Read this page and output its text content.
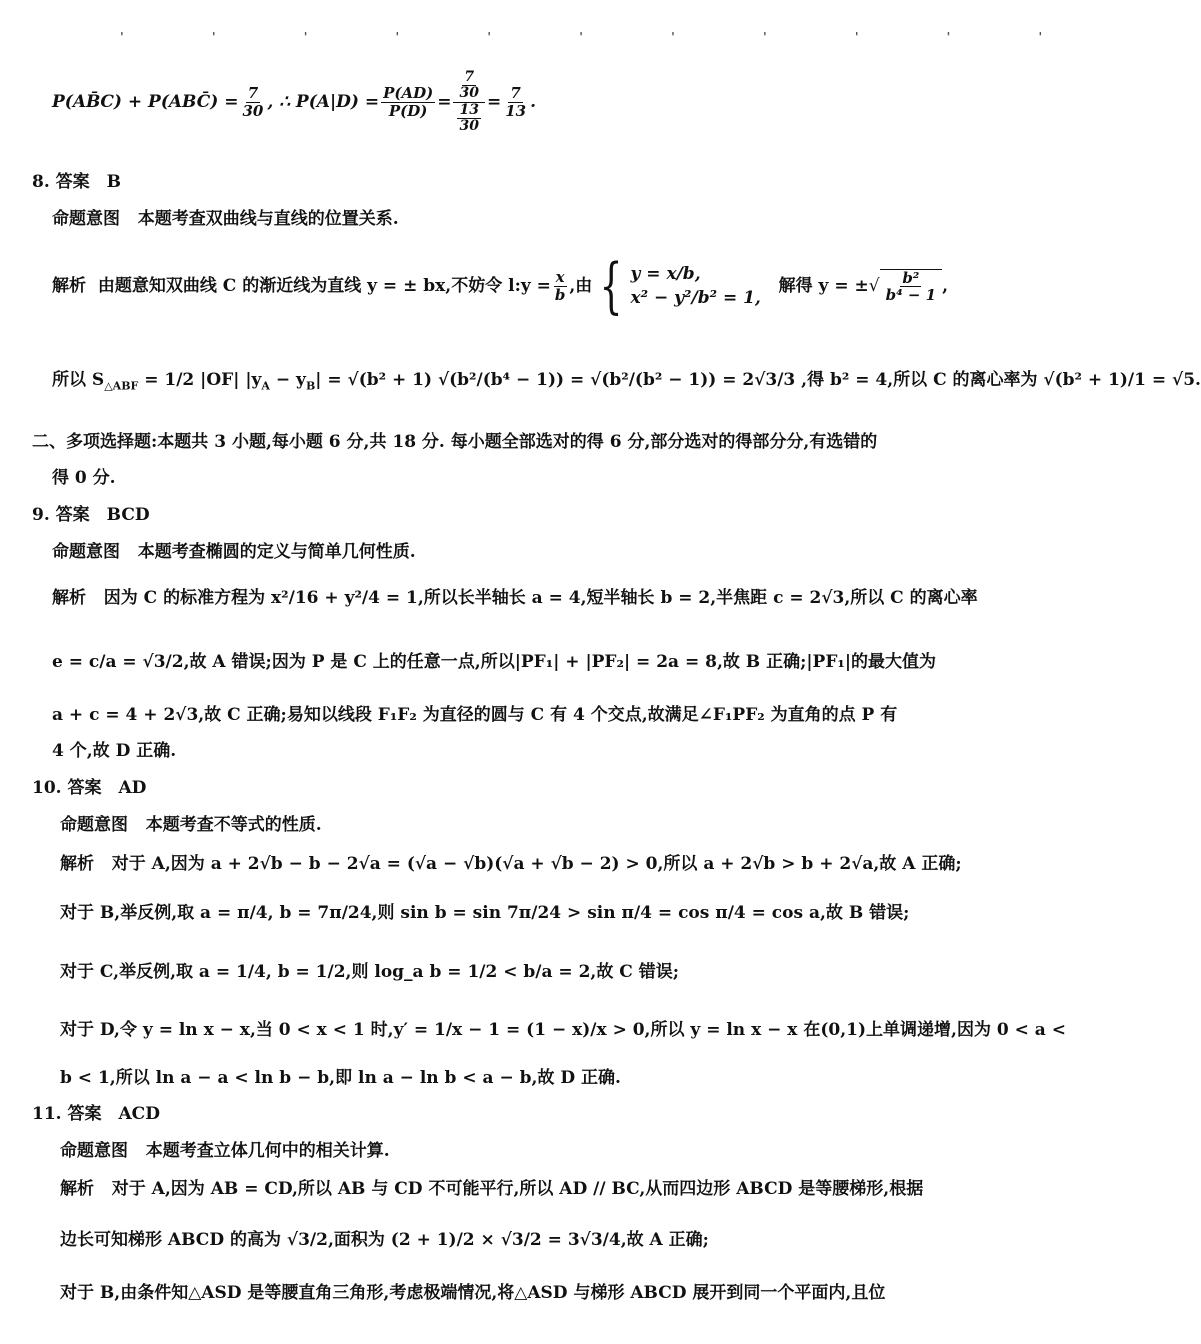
' ' ' ' ' ' ' ' ' ' '
P(AB̄C) + P(ABC̄) = $\frac{7}{30}$ , ∴ $P(A|D) = \frac{P(AD)}{P(D)} = \frac{\frac{7}{30}}{\frac{13}{30}} = \frac{7}{13}$ .
8. 答案　B
命题意图 本题考查双曲线与直线的位置关系.
解析
由题意知双曲线 C 的渐近线为直线 y = ± bx,不妨令 l:y = $\frac{x}{b}$ ,由 { y = x/b,
x² − y²/b² = 1,

解得 y = ± √ $\frac{\text{b²}}{\text{b⁴ − 1}}$ ,
所以 $S_{\triangle ABF} = 1/2$ |OF| $|y_A - y_B| = √(b^2 + 1) √(b^2/(b^4 - 1)) = √(b^2/(b^2 - 1)) = 2√3/3$ ,得 b² = 4,所以 C 的离心率为 √(b² + 1)/1 = √5.
二、多项选择题:本题共 3 小题,每小题 6 分,共 18 分. 每小题全部选对的得 6 分,部分选对的得部分分,有选错的
得 0 分.
9. 答案　BCD
命题意图 本题考查椭圆的定义与简单几何性质.
解析 因为 C 的标准方程为 x²/16 + y²/4 = 1,所以长半轴长 a = 4,短半轴长 b = 2,半焦距 c = 2√3,所以 C 的离心率
e = c/a = √3/2,故 A 错误;因为 P 是 C 上的任意一点,所以|PF₁| + |PF₂| = 2a = 8,故 B 正确;|PF₁|的最大值为
a + c = 4 + 2√3,故 C 正确;易知以线段 F₁F₂ 为直径的圆与 C 有 4 个交点,故满足∠F₁PF₂ 为直角的点 P 有
4 个,故 D 正确.
10. 答案　AD
命题意图 本题考查不等式的性质.
解析 对于 A,因为 a + 2√b − b − 2√a = (√a − √b)(√a + √b − 2) > 0,所以 a + 2√b > b + 2√a,故 A 正确;
对于 B,举反例,取 a = π/4, b = 7π/24,则 sin b = sin 7π/24 > sin π/4 = cos π/4 = cos a,故 B 错误;
对于 C,举反例,取 a = 1/4, b = 1/2,则 log_a b = 1/2 < b/a = 2,故 C 错误;
对于 D,令 y = ln x − x,当 0 < x < 1 时,y′ = 1/x − 1 = (1 − x)/x > 0,所以 y = ln x − x 在(0,1)上单调递增,因为 0 < a <
b < 1,所以 ln a − a < ln b − b,即 ln a − ln b < a − b,故 D 正确.
11. 答案　ACD
命题意图 本题考查立体几何中的相关计算.
解析 对于 A,因为 AB = CD,所以 AB 与 CD 不可能平行,所以 AD // BC,从而四边形 ABCD 是等腰梯形,根据
边长可知梯形 ABCD 的高为 √3/2,面积为 (2 + 1)/2 × √3/2 = 3√3/4,故 A 正确;
对于 B,由条件知△ASD 是等腰直角三角形,考虑极端情况,将△ASD 与梯形 ABCD 展开到同一个平面内,且位
